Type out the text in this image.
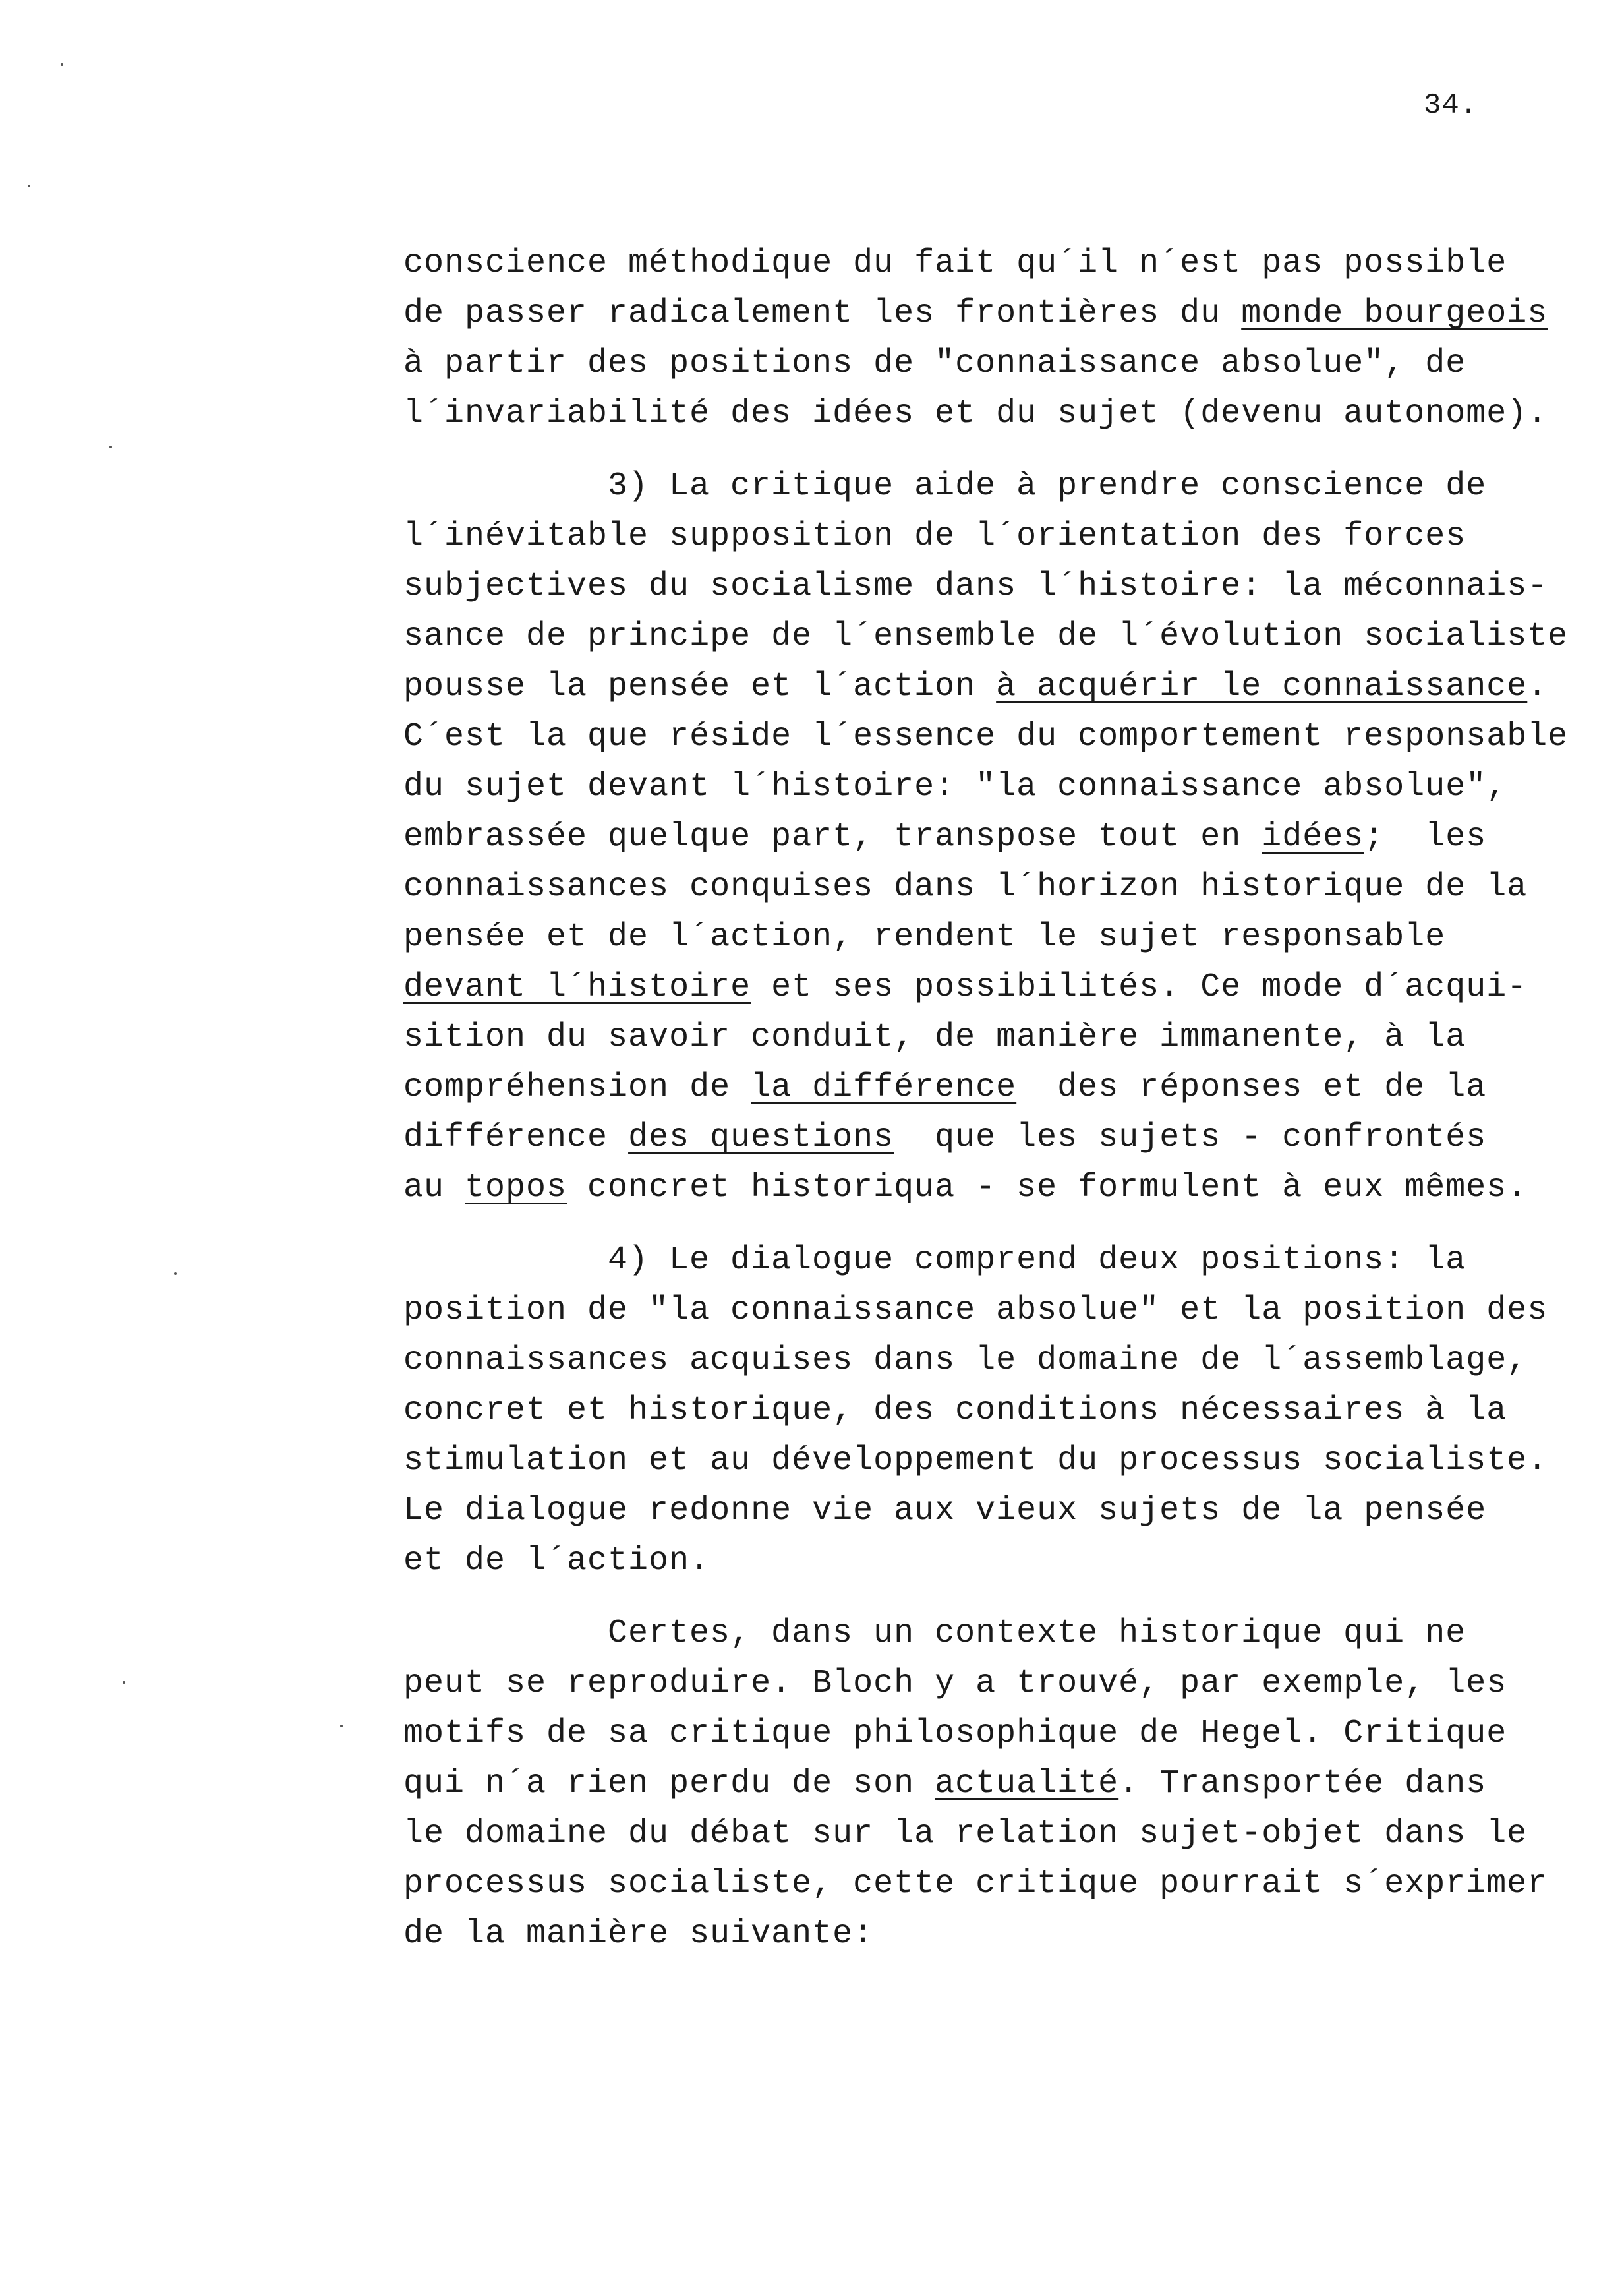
34.
conscience méthodique du fait qu´il n´est pas possible
de passer radicalement les frontières du monde bourgeois
à partir des positions de "connaissance absolue", de
l´invariabilité des idées et du sujet (devenu autonome).
3) La critique aide à prendre conscience de
l´inévitable supposition de l´orientation des forces
subjectives du socialisme dans l´histoire: la méconnais-
sance de principe de l´ensemble de l´évolution socialiste
pousse la pensée et l´action à acquérir le connaissance.
C´est la que réside l´essence du comportement responsable
du sujet devant l´histoire: "la connaissance absolue",
embrassée quelque part, transpose tout en idées;  les
connaissances conquises dans l´horizon historique de la
pensée et de l´action, rendent le sujet responsable
devant l´histoire et ses possibilités. Ce mode d´acqui-
sition du savoir conduit, de manière immanente, à la
compréhension de la différence  des réponses et de la
différence des questions  que les sujets - confrontés
au topos concret historiqua - se formulent à eux mêmes.
4) Le dialogue comprend deux positions: la
position de "la connaissance absolue" et la position des
connaissances acquises dans le domaine de l´assemblage,
concret et historique, des conditions nécessaires à la
stimulation et au développement du processus socialiste.
Le dialogue redonne vie aux vieux sujets de la pensée
et de l´action.
Certes, dans un contexte historique qui ne
peut se reproduire. Bloch y a trouvé, par exemple, les
motifs de sa critique philosophique de Hegel. Critique
qui n´a rien perdu de son actualité. Transportée dans
le domaine du débat sur la relation sujet-objet dans le
processus socialiste, cette critique pourrait s´exprimer
de la manière suivante:
